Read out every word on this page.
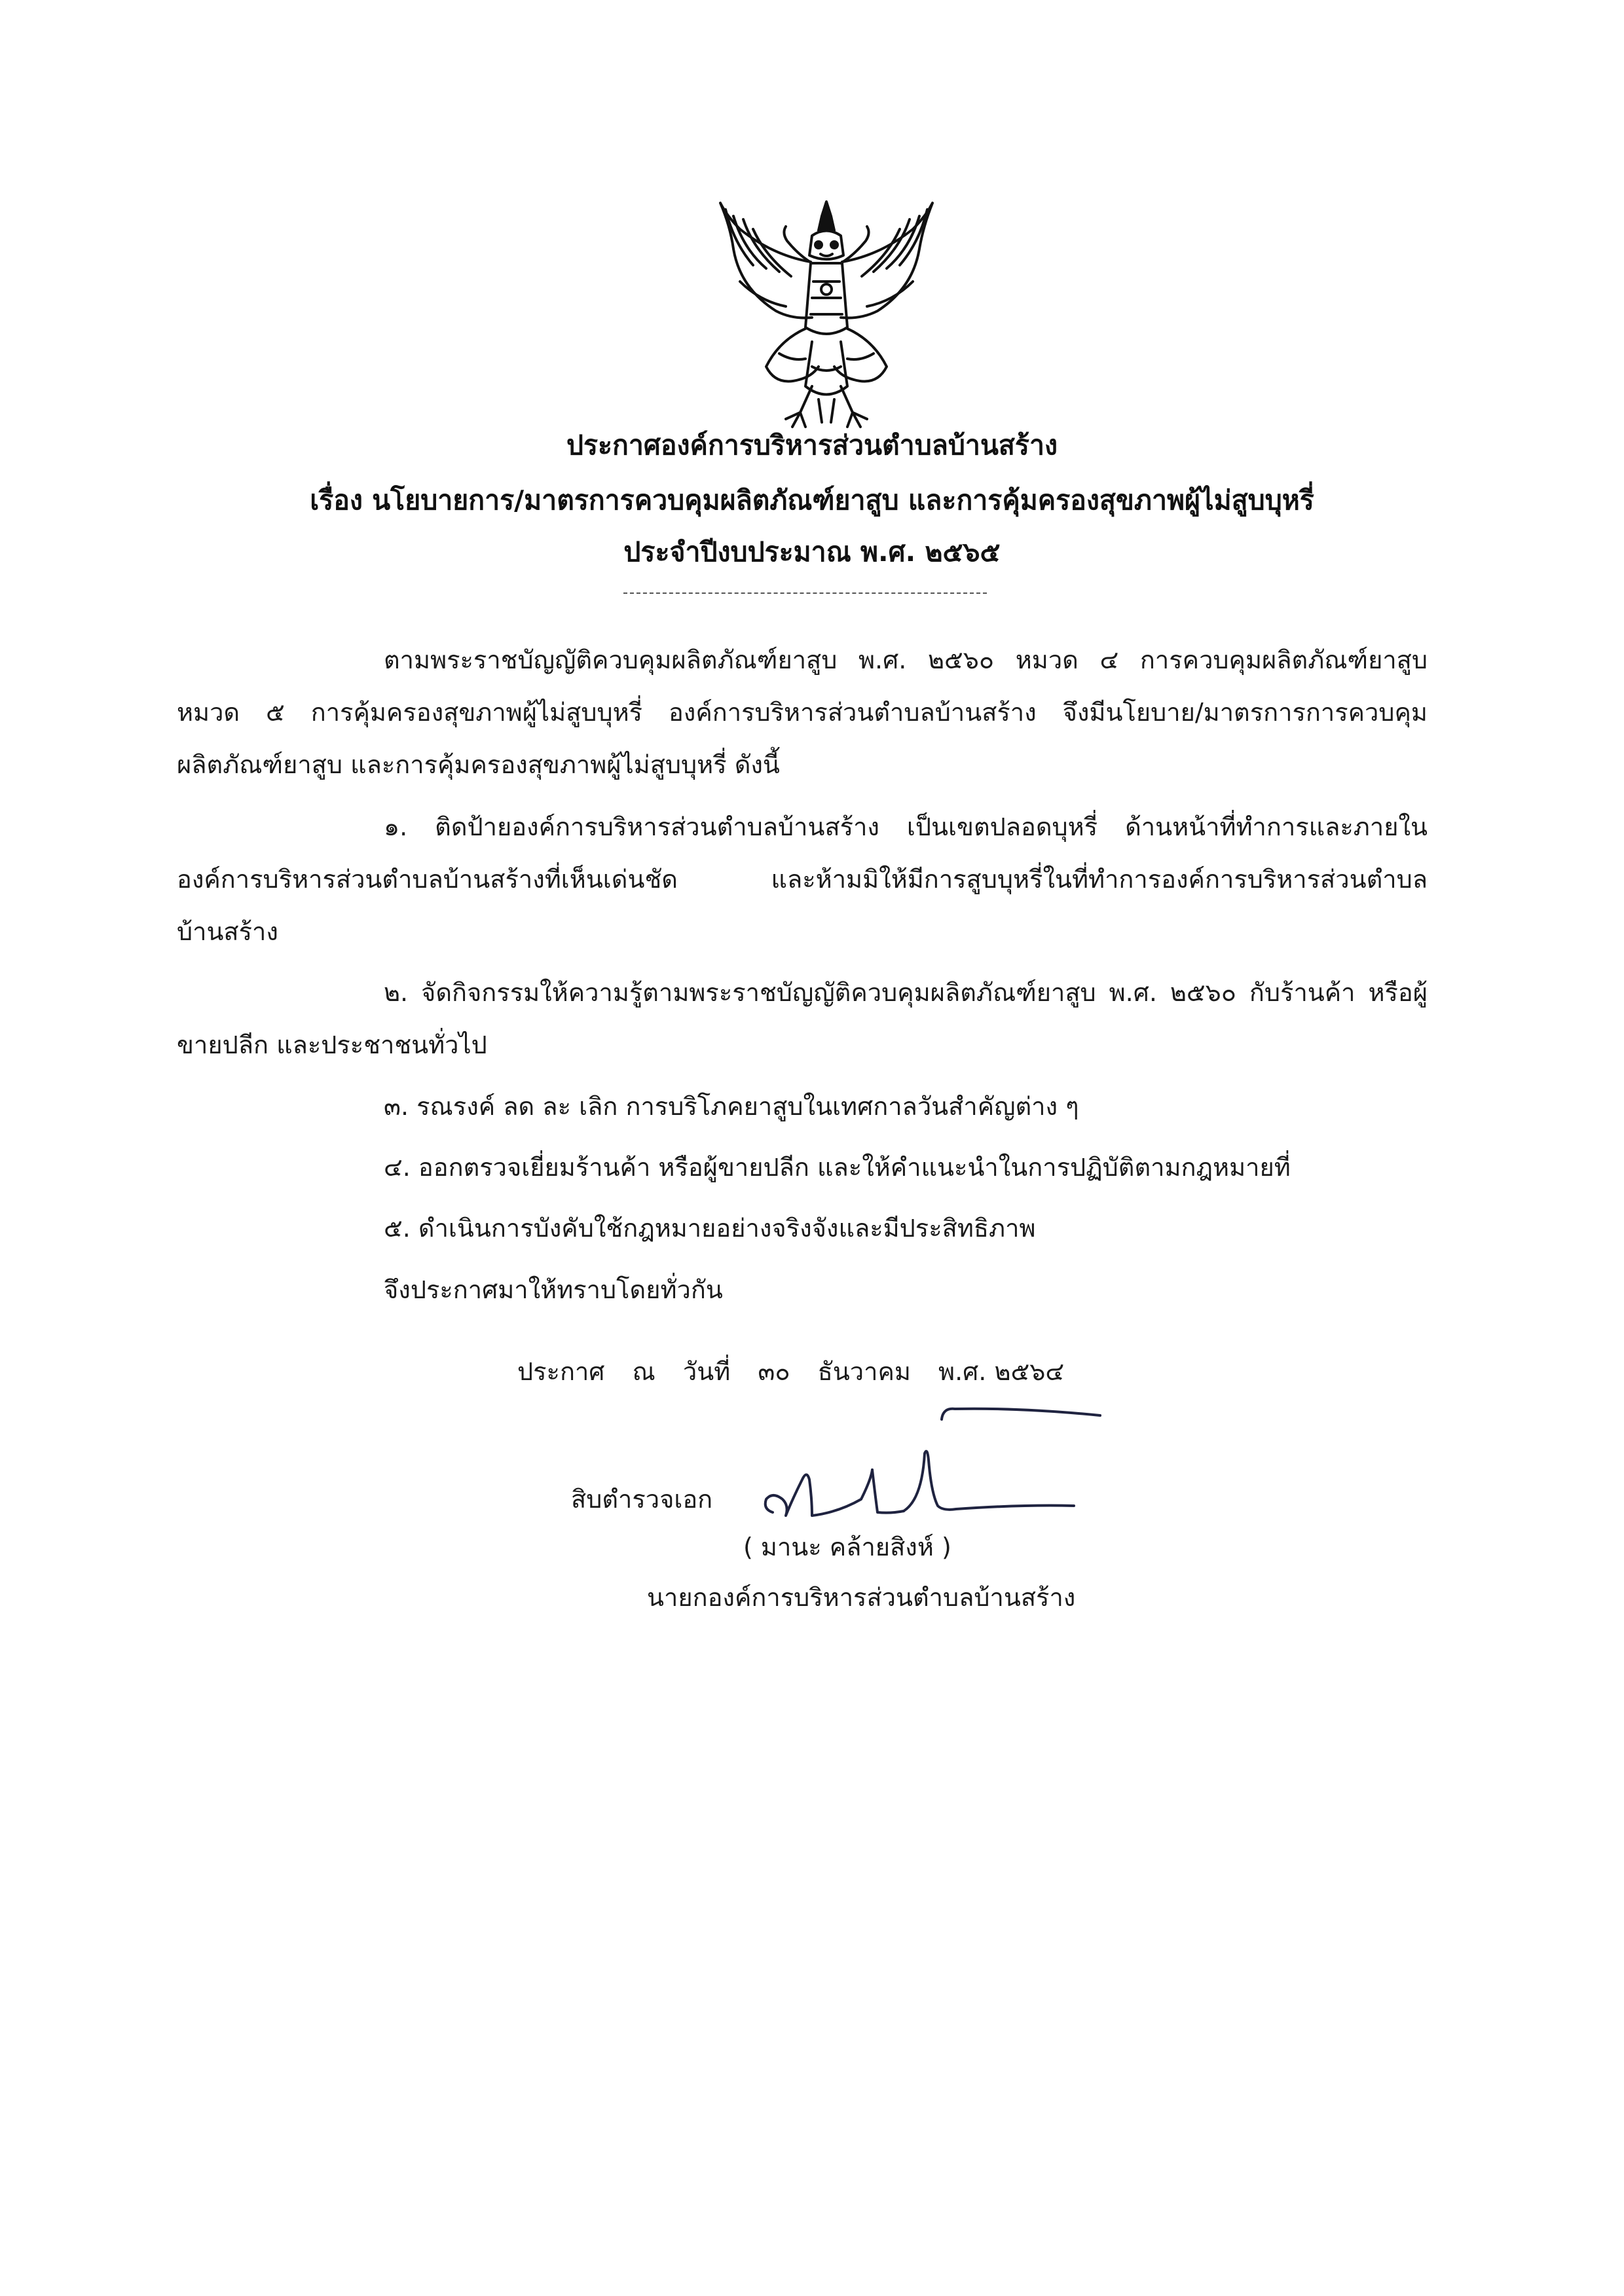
ประกาศองค์การบริหารส่วนตำบลบ้านสร้าง
เรื่อง นโยบายการ/มาตรการควบคุมผลิตภัณฑ์ยาสูบ และการคุ้มครองสุขภาพผู้ไม่สูบบุหรี่
ประจำปีงบประมาณ พ.ศ. ๒๕๖๕
ตามพระราชบัญญัติควบคุมผลิตภัณฑ์ยาสูบ พ.ศ. ๒๕๖๐ หมวด ๔ การควบคุมผลิตภัณฑ์ยาสูบ หมวด ๕ การคุ้มครองสุขภาพผู้ไม่สูบบุหรี่ องค์การบริหารส่วนตำบลบ้านสร้าง จึงมีนโยบาย/มาตรการการควบคุม ผลิตภัณฑ์ยาสูบ และการคุ้มครองสุขภาพผู้ไม่สูบบุหรี่ ดังนี้
๑. ติดป้ายองค์การบริหารส่วนตำบลบ้านสร้าง เป็นเขตปลอดบุหรี่ ด้านหน้าที่ทำการและภายในองค์การบริหารส่วนตำบลบ้านสร้างที่เห็นเด่นชัด และห้ามมิให้มีการสูบบุหรี่ในที่ทำการองค์การบริหารส่วนตำบลบ้านสร้าง
๒. จัดกิจกรรมให้ความรู้ตามพระราชบัญญัติควบคุมผลิตภัณฑ์ยาสูบ พ.ศ. ๒๕๖๐ กับร้านค้า หรือผู้ขายปลีก และประชาชนทั่วไป
๓. รณรงค์ ลด ละ เลิก การบริโภคยาสูบในเทศกาลวันสำคัญต่าง ๆ
๔. ออกตรวจเยี่ยมร้านค้า หรือผู้ขายปลีก และให้คำแนะนำในการปฏิบัติตามกฎหมายที่
๕. ดำเนินการบังคับใช้กฎหมายอย่างจริงจังและมีประสิทธิภาพ
จึงประกาศมาให้ทราบโดยทั่วกัน
ประกาศ ณ วันที่ ๓๐ ธันวาคม พ.ศ. ๒๕๖๔
สิบตำรวจเอก
( มานะ คล้ายสิงห์ )
นายกองค์การบริหารส่วนตำบลบ้านสร้าง
